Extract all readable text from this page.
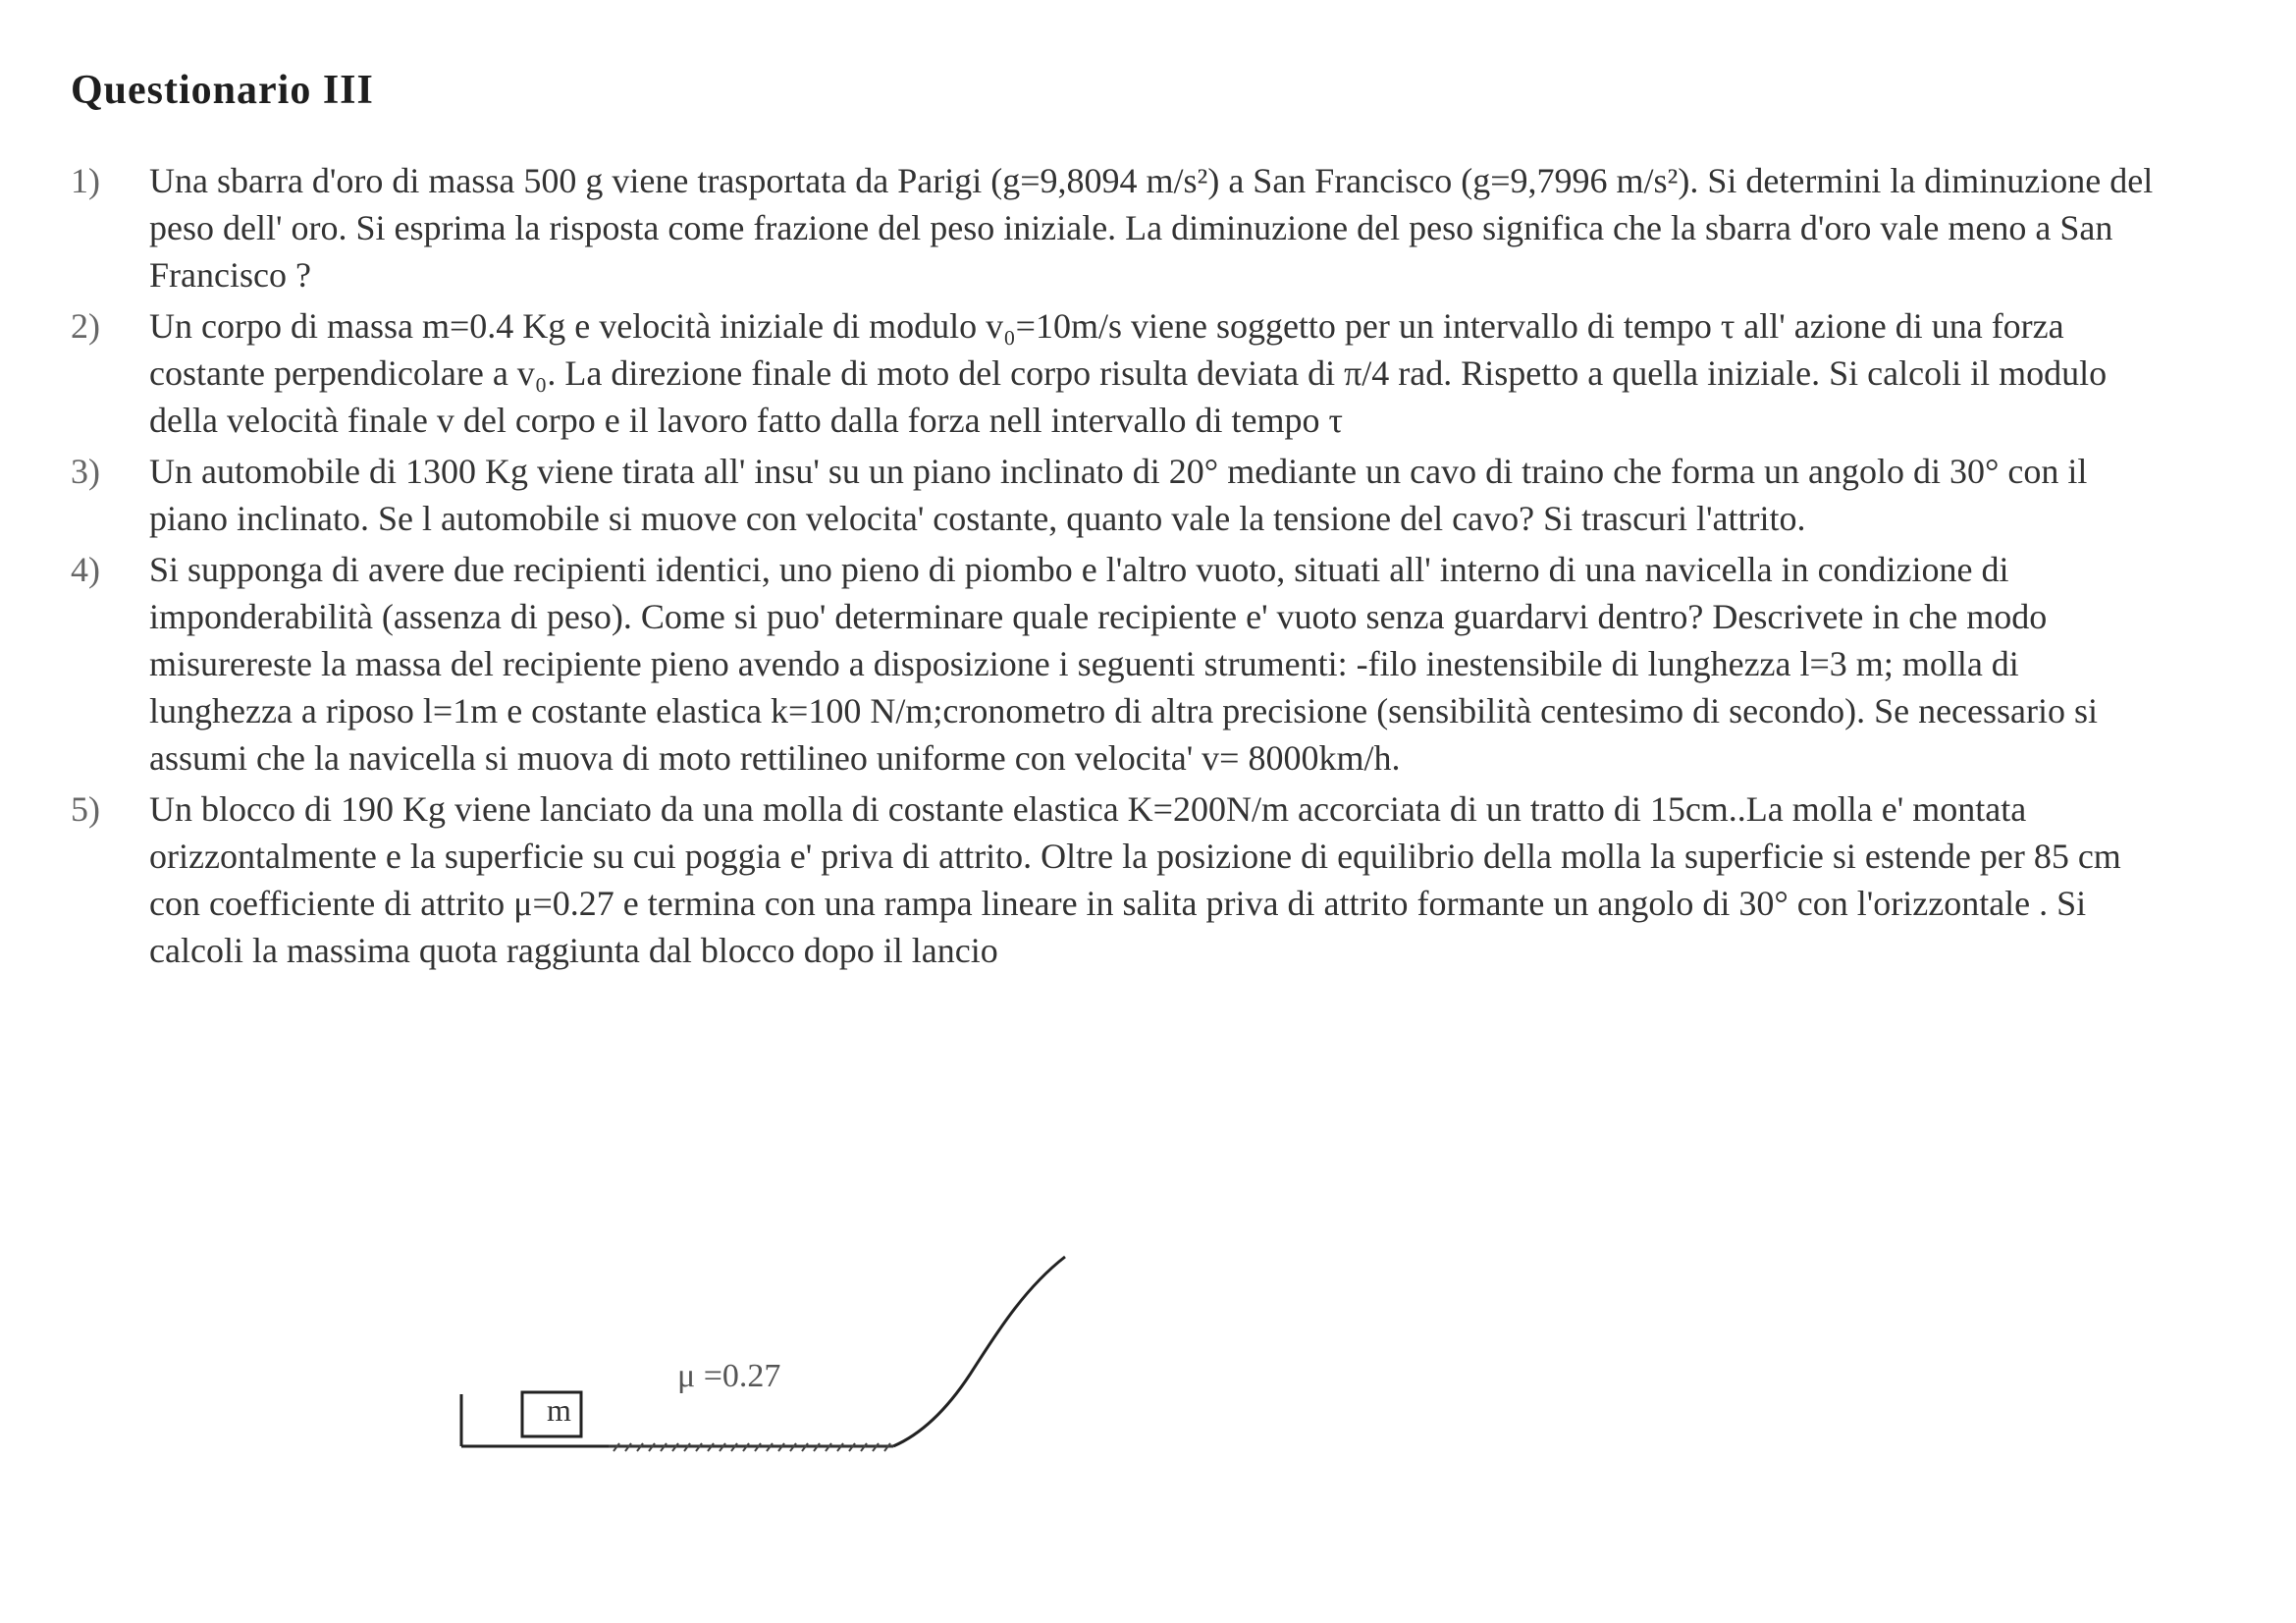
Questionario III
1)	Una sbarra d'oro di massa 500 g viene trasportata da Parigi (g=9,8094 m/s²) a San Francisco (g=9,7996 m/s²). Si determini la diminuzione del peso dell' oro. Si esprima la risposta come frazione del peso iniziale. La diminuzione del peso significa che la sbarra d'oro vale meno a San Francisco ?
2)	Un corpo di massa m=0.4 Kg e velocità iniziale di modulo v₀=10m/s viene soggetto per un intervallo di tempo τ all' azione di una forza costante perpendicolare a v₀. La direzione finale di moto del corpo risulta deviata di π/4 rad. Rispetto a quella iniziale. Si calcoli il modulo della velocità finale v del corpo e il lavoro fatto dalla forza nell intervallo di tempo τ
3)	Un automobile di 1300 Kg viene tirata all' insu' su un piano inclinato di 20° mediante un cavo di traino che forma un angolo di 30° con il piano inclinato. Se l automobile si muove con velocita' costante, quanto vale la tensione del cavo? Si trascuri l'attrito.
4)	Si supponga di avere due recipienti identici, uno pieno di piombo e l'altro vuoto, situati all' interno di una navicella in condizione di imponderabilità (assenza di peso). Come si puo' determinare quale recipiente e' vuoto senza guardarvi dentro? Descrivete in che modo misurereste la massa del recipiente pieno avendo a disposizione i seguenti strumenti: -filo inestensibile di lunghezza l=3 m; molla di lunghezza a riposo l=1m e costante elastica k=100 N/m;cronometro di altra precisione (sensibilità centesimo di secondo). Se necessario si assumi che la navicella si muova di moto rettilineo uniforme con velocita' v= 8000km/h.
5)	Un blocco di 190 Kg viene lanciato da una molla di costante elastica K=200N/m accorciata di un tratto di 15cm..La molla e' montata orizzontalmente e la superficie su cui poggia e' priva di attrito. Oltre la posizione di equilibrio della molla la superficie si estende per 85 cm con coefficiente di attrito μ=0.27 e termina con una rampa lineare in salita priva di attrito formante un angolo di 30° con l'orizzontale . Si calcoli la massima quota raggiunta dal blocco dopo il lancio
μ =0.27
m
